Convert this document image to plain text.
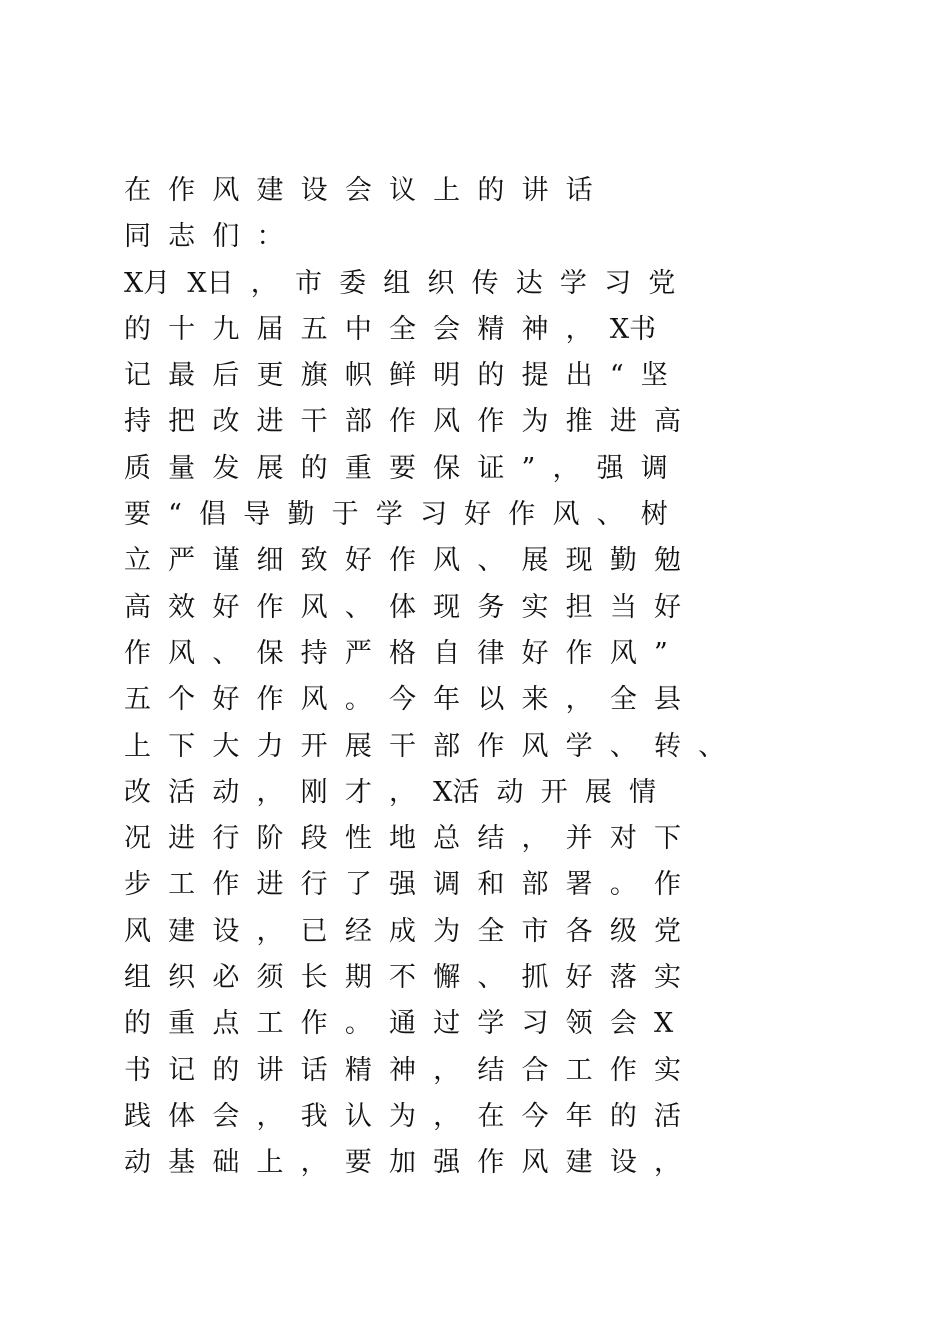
在  作  风  建  设  会  议  上  的  讲  话
同  志  们  ：
X月  X日  ，  市  委  组  织  传  达  学  习  党
的  十  九  届  五  中  全  会  精  神  ，  X书
记  最  后  更  旗  帜  鲜  明  的  提  出  “  坚
持  把  改  进  干  部  作  风  作  为  推  进  高
质  量  发  展  的  重  要  保  证  ”  ，  强  调
要  “  倡  导  勤  于  学  习  好  作  风  、  树
立  严  谨  细  致  好  作  风  、  展  现  勤  勉
高  效  好  作  风  、  体  现  务  实  担  当  好
作  风  、  保  持  严  格  自  律  好  作  风  ”
五  个  好  作  风  。  今  年  以  来  ，  全  县
上  下  大  力  开  展  干  部  作  风  学  、  转  、
改  活  动  ，  刚  才  ，  X活  动  开  展  情
况  进  行  阶  段  性  地  总  结  ，  并  对  下
步  工  作  进  行  了  强  调  和  部  署  。  作
风  建  设  ，  已  经  成  为  全  市  各  级  党
组  织  必  须  长  期  不  懈  、  抓  好  落  实
的  重  点  工  作  。  通  过  学  习  领  会  X
书  记  的  讲  话  精  神  ，  结  合  工  作  实
践  体  会  ，  我  认  为  ，  在  今  年  的  活
动  基  础  上  ，  要  加  强  作  风  建  设  ，
